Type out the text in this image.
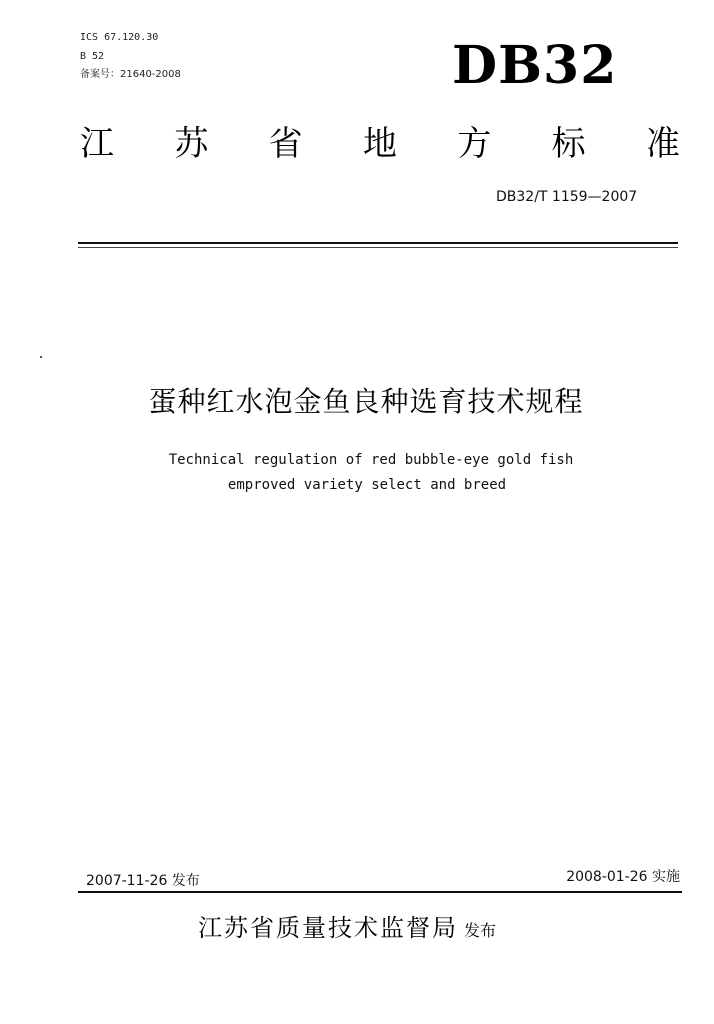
ICS 67.120.30
B 52
备案号：21640-2008	DB32
江 苏 省 地 方 标 准
DB32/T 1159—2007
蛋种红水泡金鱼良种选育技术规程
Technical regulation of red bubble-eye gold fish
emproved variety select and breed
2007-11-26 发布	2008-01-26 实施
江苏省质量技术监督局 发布
